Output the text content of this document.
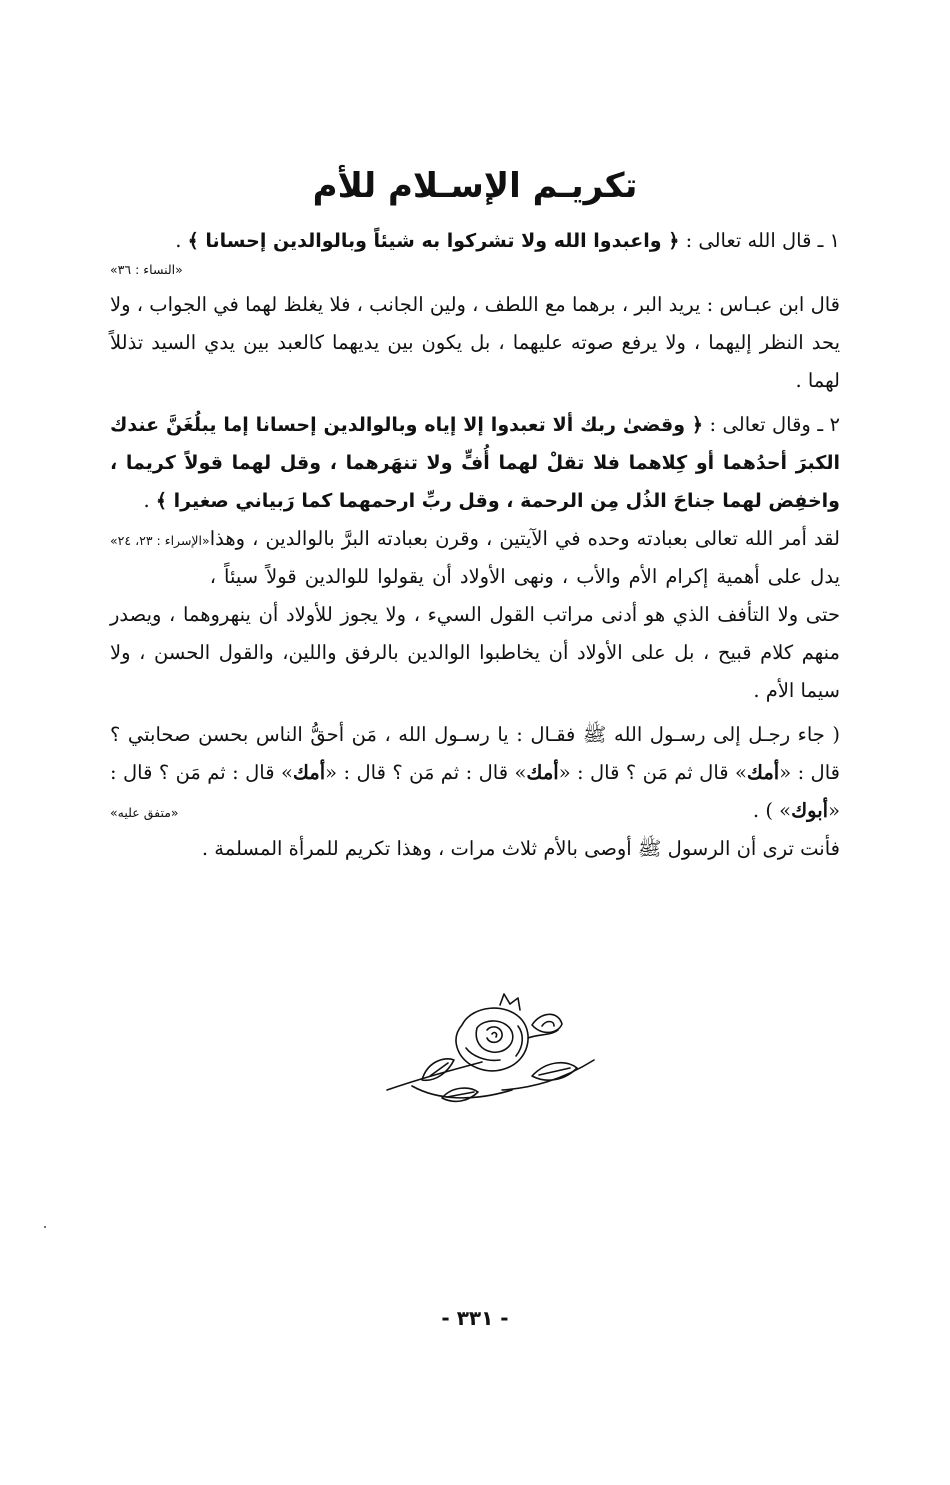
تكريـم الإسـلام للأم

١ ـ قال الله تعالى : ﴿ واعبدوا الله ولا تشركوا به شيئاً وبالوالدين إحسانا ﴾ .

«النساء : ٣٦»

قال ابن عبـاس : يريد البر ، برهما مع اللطف ، ولين الجانب ، فلا يغلظ لهما في الجواب ، ولا يحد النظر إليهما ، ولا يرفع صوته عليهما ، بل يكون بين يديهما كالعبد بين يدي السيد تذللاً لهما .

٢ ـ وقال تعالى : ﴿ وقضىٰ ربك ألا تعبدوا إلا إياه وبالوالدين إحسانا إما يبلُغَنَّ عندك الكبرَ أحدُهما أو كِلاهما فلا تقلْ لهما أُفٍّ ولا تنهَرهما ، وقل لهما قولاً كريما ، واخفِض لهما جناحَ الذُل مِن الرحمة ، وقل ربِّ ارحمهما كما رَبياني صغيرا ﴾ .
«الإسراء : ٢٣، ٢٤» لقد أمر الله تعالى بعبادته وحده في الآيتين ، وقرن بعبادته البرَّ بالوالدين ، وهذا يدل على أهمية إكرام الأم والأب ، ونهى الأولاد أن يقولوا للوالدين قولاً سيئاً ، حتى ولا التأفف الذي هو أدنى مراتب القول السيء ، ولا يجوز للأولاد أن ينهروهما ، ويصدر منهم كلام قبيح ، بل على الأولاد أن يخاطبوا الوالدين بالرفق واللين، والقول الحسن ، ولا سيما الأم .

( جاء رجـل إلى رسـول الله ﷺ فقـال : يا رسـول الله ، مَن أحقُّ الناس بحسن صحابتي ؟ قال : «أمك» قال ثم مَن ؟ قال : «أمك» قال : ثم مَن ؟ قال : «أمك» قال : ثم مَن ؟ قال : «أبوك» ) .
«متفق عليه»

فأنت ترى أن الرسول ﷺ أوصى بالأم ثلاث مرات ، وهذا تكريم للمرأة المسلمة .

- ٣٣١ -
